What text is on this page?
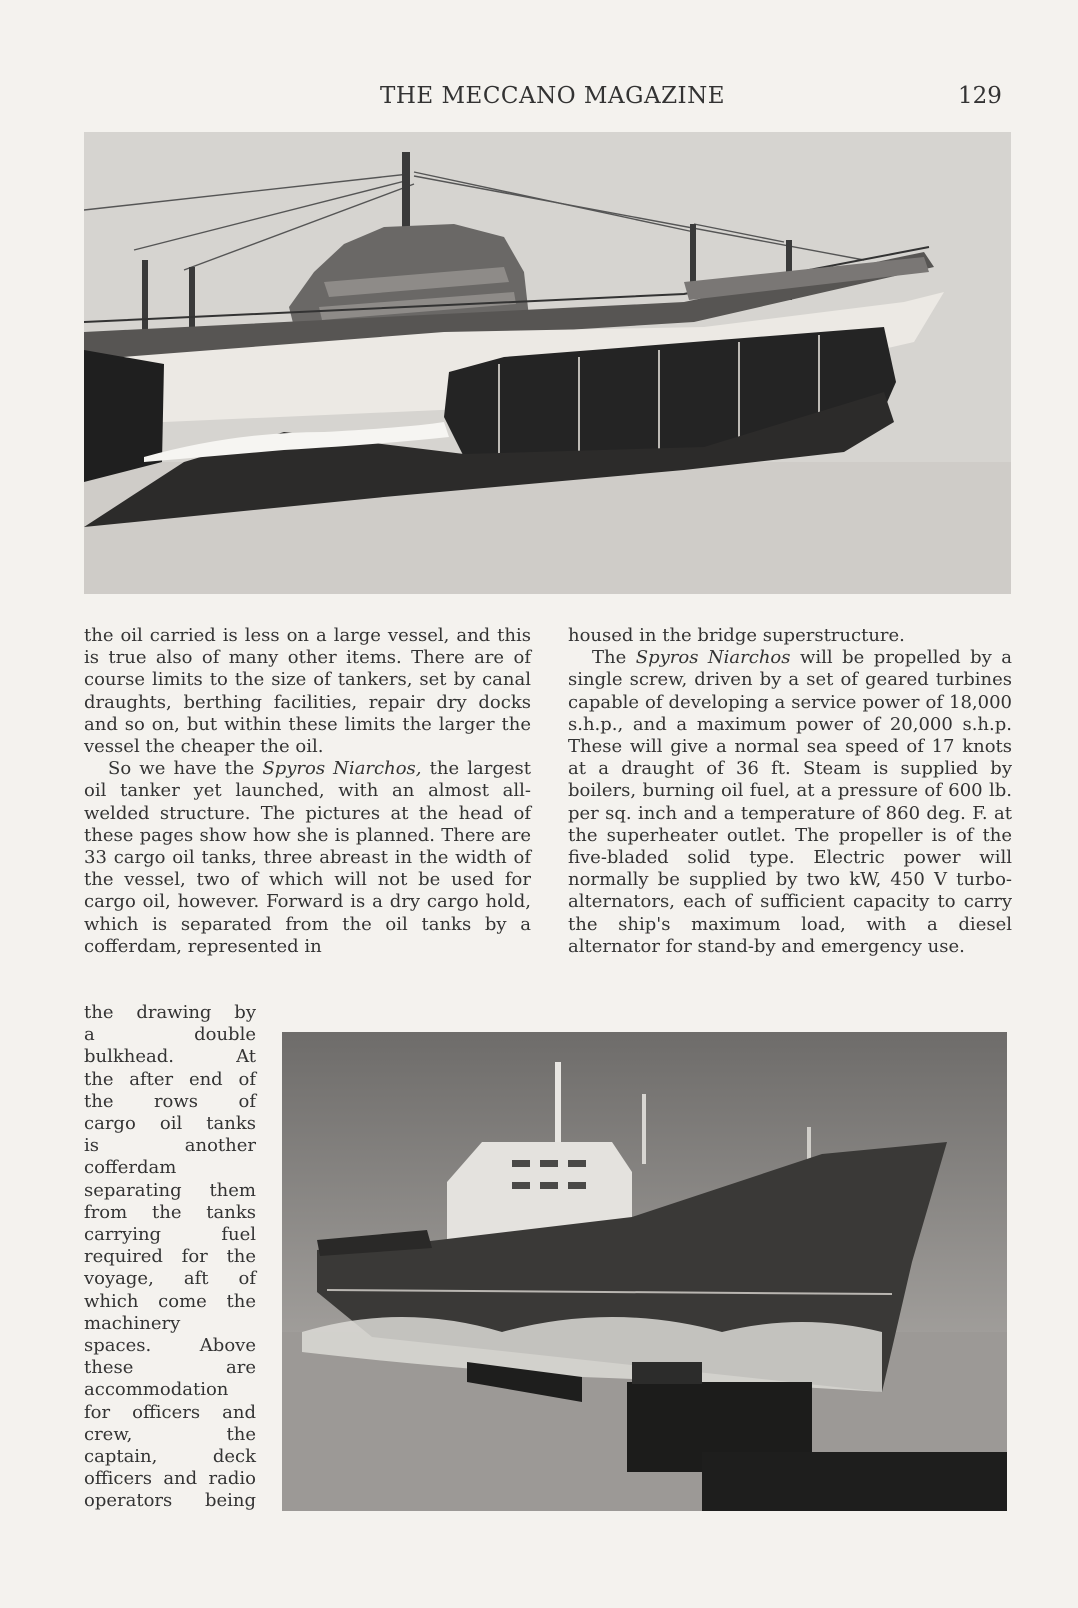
THE MECCANO MAGAZINE	129

the oil carried is less on a large vessel, and this is true also of many other items. There are of course limits to the size of tankers, set by canal draughts, berthing facilities, repair dry docks and so on, but within these limits the larger the vessel the cheaper the oil.

So we have the Spyros Niarchos, the largest oil tanker yet launched, with an almost all-welded structure. The pictures at the head of these pages show how she is planned. There are 33 cargo oil tanks, three abreast in the width of the vessel, two of which will not be used for cargo oil, however. Forward is a dry cargo hold, which is separated from the oil tanks by a cofferdam, represented in

housed in the bridge superstructure.

The Spyros Niarchos will be propelled by a single screw, driven by a set of geared turbines capable of developing a service power of 18,000 s.h.p., and a maximum power of 20,000 s.h.p. These will give a normal sea speed of 17 knots at a draught of 36 ft. Steam is supplied by boilers, burning oil fuel, at a pressure of 600 lb. per sq. inch and a temperature of 860 deg. F. at the superheater outlet. The propeller is of the five-bladed solid type. Electric power will normally be supplied by two kW, 450 V turbo-alternators, each of sufficient capacity to carry the ship's maximum load, with a diesel alternator for stand-by and emergency use.

the drawing by
a double
bulkhead. At
the after end of
the rows of
cargo oil tanks
is another
cofferdam
separating them
from the tanks
carrying fuel
required for the
voyage, aft of
which come the
machinery
spaces. Above
these are
accommodation
for officers and
crew, the
captain, deck
officers and radio
operators being
